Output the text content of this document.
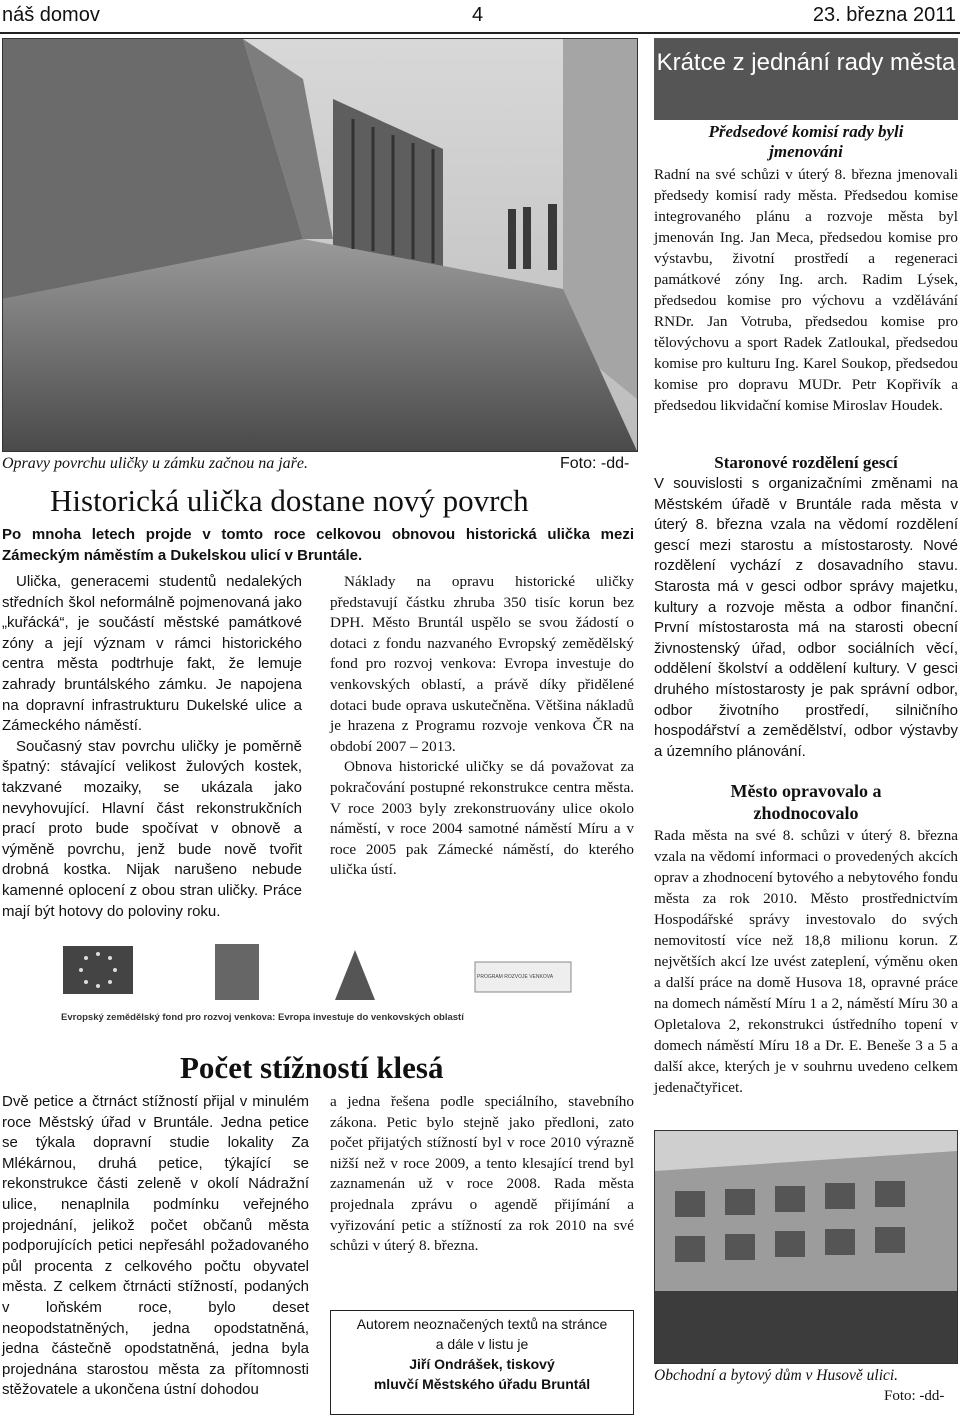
náš domov	4	23. března 2011
Opravy povrchu uličky u zámku začnou na jaře.	Foto: -dd-
Historická ulička dostane nový povrch
Po mnoha letech projde v tomto roce celkovou obnovou historická ulička mezi Zámeckým náměstím a Dukelskou ulicí v Bruntále.

Ulička, generacemi studentů nedalekých středních škol neformálně pojmenovaná jako „kuřácká“, je součástí městské památkové zóny a její význam v rámci historického centra města podtrhuje fakt, že lemuje zahrady bruntálského zámku. Je napojena na dopravní infrastrukturu Dukelské ulice a Zámeckého náměstí.

Současný stav povrchu uličky je poměrně špatný: stávající velikost žulových kostek, takzvané mozaiky, se ukázala jako nevyhovující. Hlavní část rekonstrukčních prací proto bude spočívat v obnově a výměně povrchu, jenž bude nově tvořit drobná kostka. Nijak narušeno nebude kamenné oplocení z obou stran uličky. Práce mají být hotovy do poloviny roku.

Náklady na opravu historické uličky představují částku zhruba 350 tisíc korun bez DPH. Město Bruntál uspělo se svou žádostí o dotaci z fondu nazvaného Evropský zemědělský fond pro rozvoj venkova: Evropa investuje do venkovských oblastí, a právě díky přidělené dotaci bude oprava uskutečněna. Většina nákladů je hrazena z Programu rozvoje venkova ČR na období 2007 – 2013.

Obnova historické uličky se dá považovat za pokračování postupné rekonstrukce centra města. V roce 2003 byly zrekonstruovány ulice okolo náměstí, v roce 2004 samotné náměstí Míru a v roce 2005 pak Zámecké náměstí, do kterého ulička ústí.

PROGRAM ROZVOJE VENKOVA
Evropský zemědělský fond pro rozvoj venkova: Evropa investuje do venkovských oblastí
Počet stížností klesá

Dvě petice a čtrnáct stížností přijal v minulém roce Městský úřad v Bruntále. Jedna petice se týkala dopravní studie lokality Za Mlékárnou, druhá petice, týkající se rekonstrukce části zeleně v okolí Nádražní ulice, nenaplnila podmínku veřejného projednání, jelikož počet občanů města podporujících petici nepřesáhl požadovaného půl procenta z celkového počtu obyvatel města. Z celkem čtrnácti stížností, podaných v loňském roce, bylo deset neopodstatněných, jedna opodstatněná, jedna částečně opodstatněná, jedna byla projednána starostou města za přítomnosti stěžovatele a ukončena ústní dohodou

a jedna řešena podle speciálního, stavebního zákona. Petic bylo stejně jako předloni, zato počet přijatých stížností byl v roce 2010 výrazně nižší než v roce 2009, a tento klesající trend byl zaznamenán už v roce 2008. Rada města projednala zprávu o agendě přijímání a vyřizování petic a stížností za rok 2010 na své schůzi v úterý 8. března.

Autorem neoznačených textů na stránce
a dále v listu je
Jiří Ondrášek, tiskový
mluvčí Městského úřadu Bruntál
Krátce z jednání rady města
Předsedové komisí rady byli jmenováni
Radní na své schůzi v úterý 8. března jmenovali předsedy komisí rady města. Předsedou komise integrovaného plánu a rozvoje města byl jmenován Ing. Jan Meca, předsedou komise pro výstavbu, životní prostředí a regeneraci památkové zóny Ing. arch. Radim Lýsek, předsedou komise pro výchovu a vzdělávání RNDr. Jan Votruba, předsedou komise pro tělovýchovu a sport Radek Zatloukal, předsedou komise pro kulturu Ing. Karel Soukop, předsedou komise pro dopravu MUDr. Petr Kopřivík a předsedou likvidační komise Miroslav Houdek.
Staronové rozdělení gescí
V souvislosti s organizačními změnami na Městském úřadě v Bruntále rada města v úterý 8. března vzala na vědomí rozdělení gescí mezi starostu a místostarosty. Nové rozdělení vychází z dosavadního stavu. Starosta má v gesci odbor správy majetku, kultury a rozvoje města a odbor finanční. První místostarosta má na starosti obecní živnostenský úřad, odbor sociálních věcí, oddělení školství a oddělení kultury. V gesci druhého místostarosty je pak správní odbor, odbor životního prostředí, silničního hospodářství a zemědělství, odbor výstavby a územního plánování.
Město opravovalo a zhodnocovalo
Rada města na své 8. schůzi v úterý 8. března vzala na vědomí informaci o provedených akcích oprav a zhodnocení bytového a nebytového fondu města za rok 2010. Město prostřednictvím Hospodářské správy investovalo do svých nemovitostí více než 18,8 milionu korun. Z největších akcí lze uvést zateplení, výměnu oken a další práce na domě Husova 18, opravné práce na domech náměstí Míru 1 a 2, náměstí Míru 30 a Opletalova 2, rekonstrukci ústředního topení v domech náměstí Míru 18 a Dr. E. Beneše 3 a 5 a další akce, kterých je v souhrnu uvedeno celkem jedenačtyřicet.
Obchodní a bytový dům v Husově ulici.
Foto: -dd-
